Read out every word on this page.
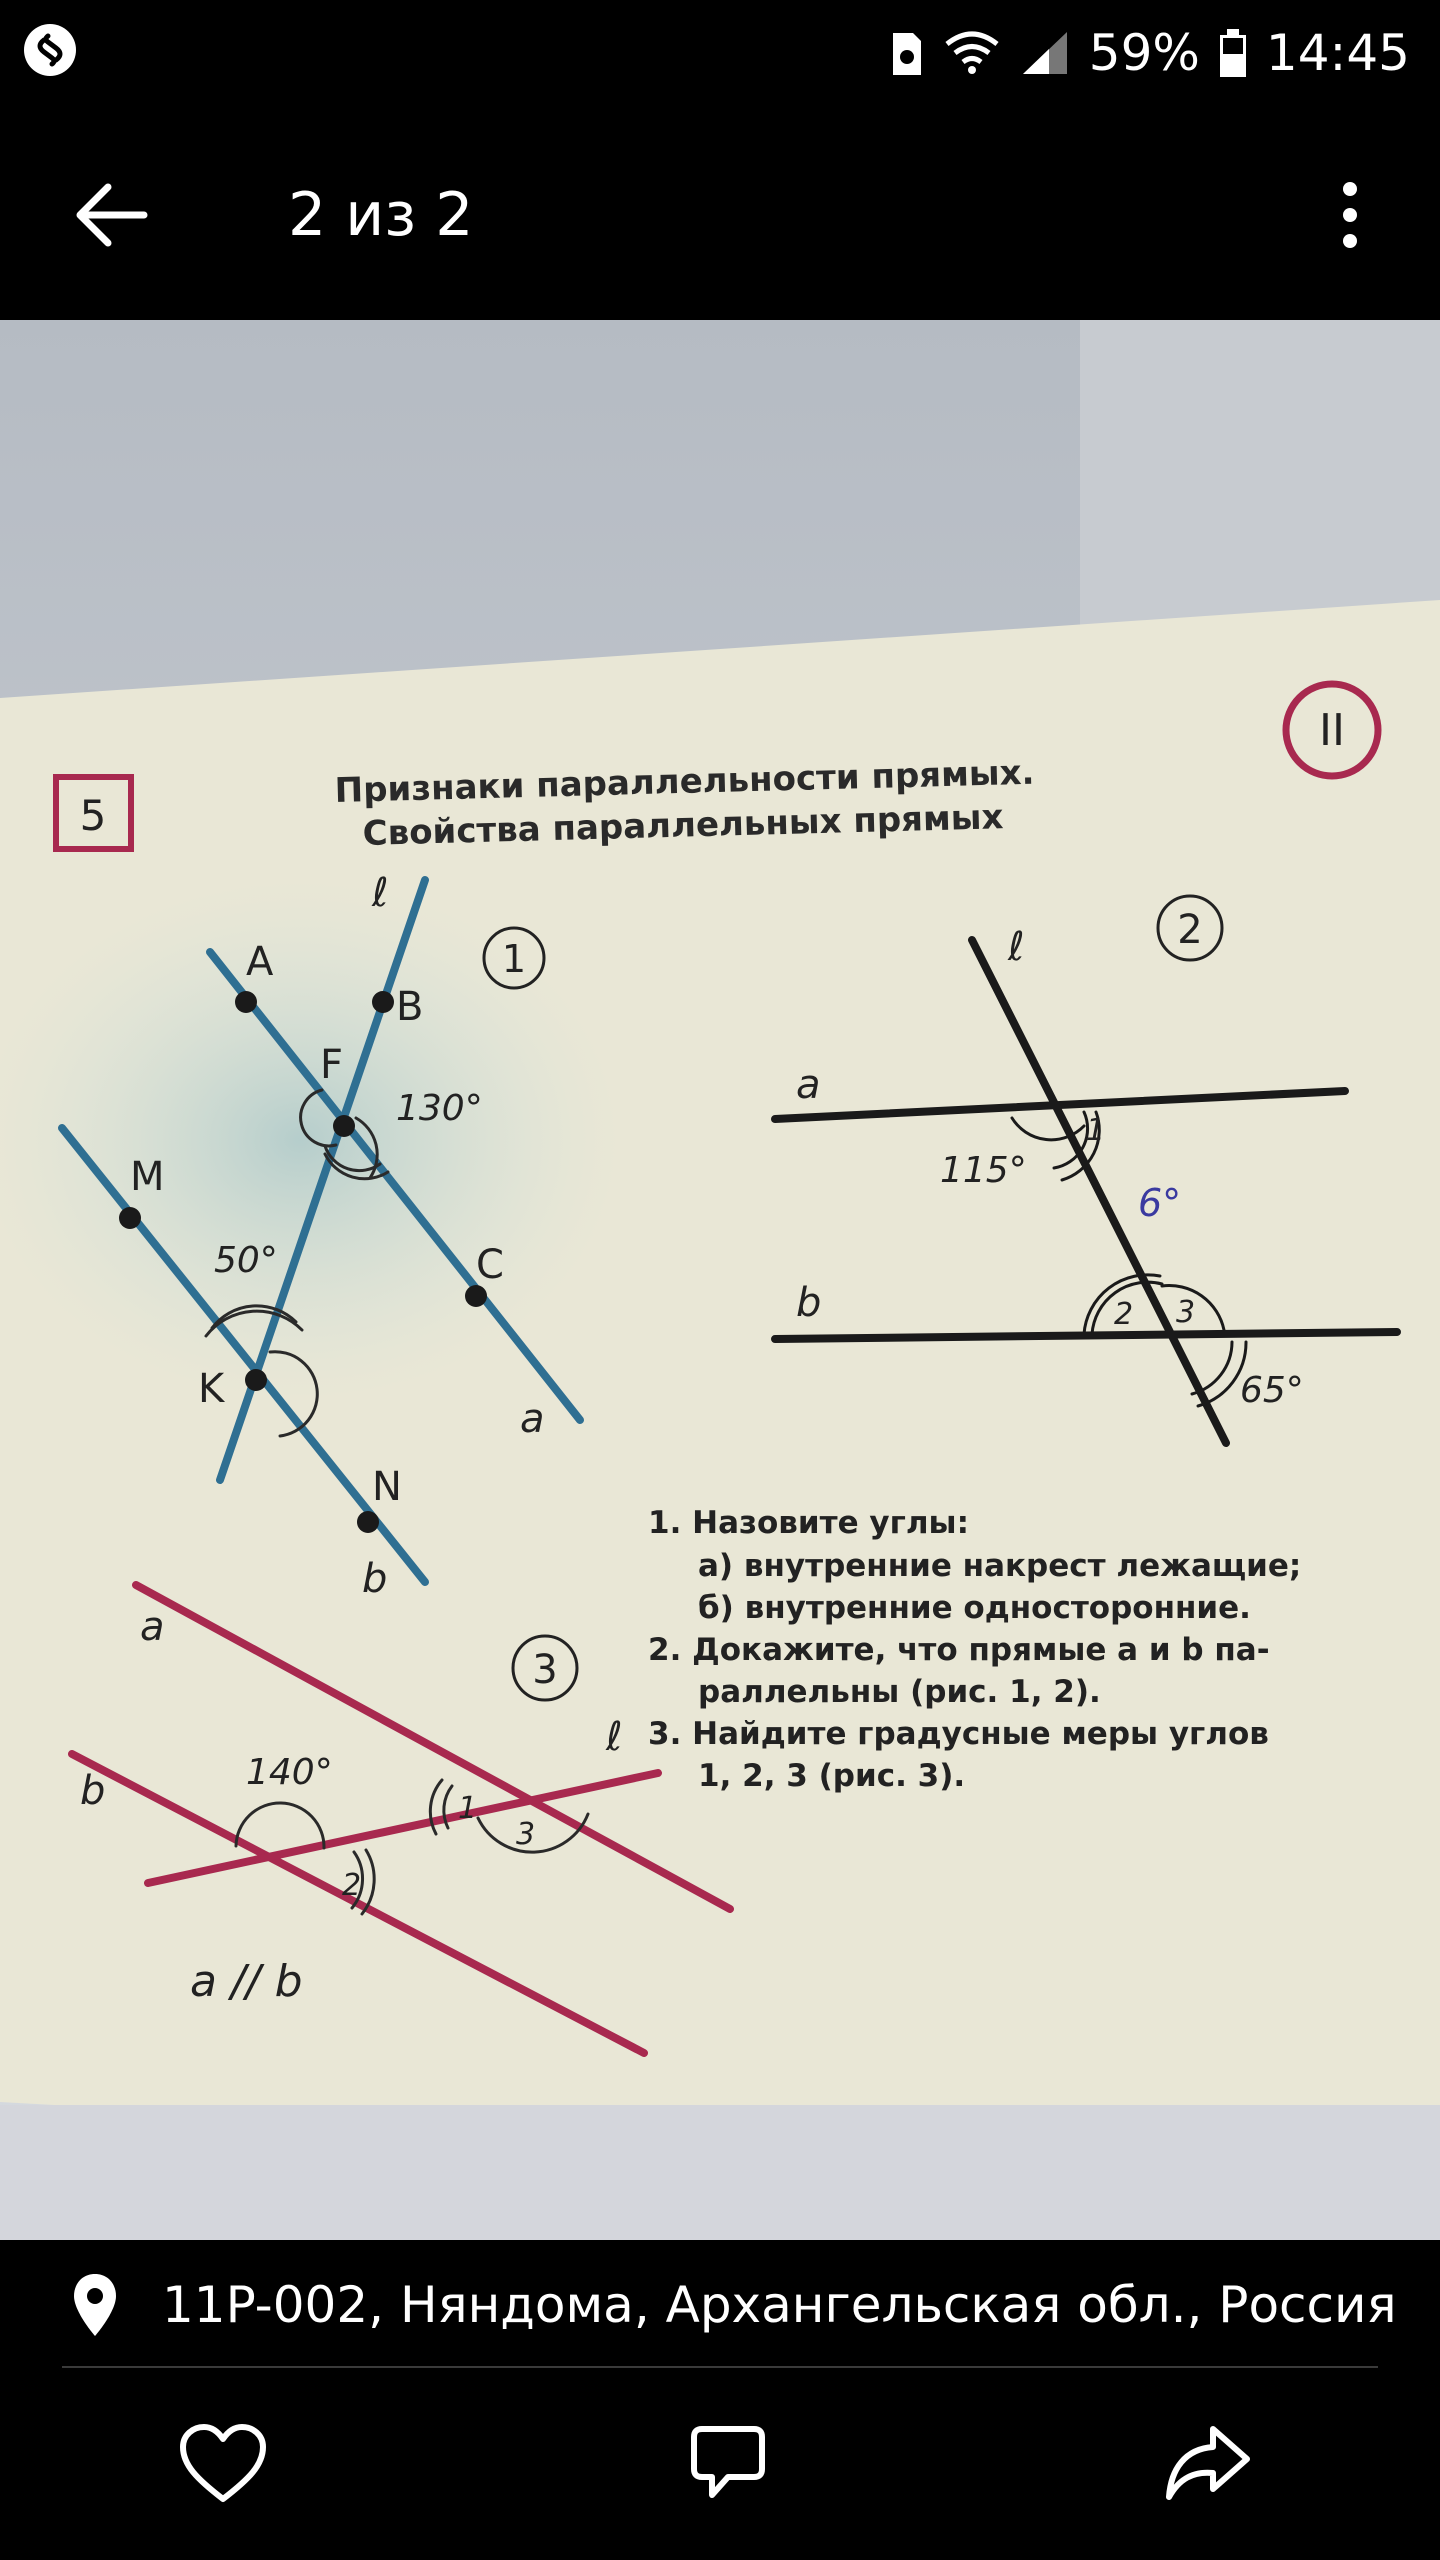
59% 14:45
2 из 2
5
II
Признаки параллельности прямых.
Свойства параллельных прямых
ℓ
A
B
F
M
C
K
N
a
b
130°
50°
1	ℓ
a
b
1
2 3
115°
65°
6°
2
a
b
ℓ
1
2
3
140°
a // b
3
1. Назовите углы:
а) внутренние накрест лежащие;
б) внутренние односторонние.
2. Докажите, что прямые a и b па-
раллельны (рис. 1, 2).
3. Найдите градусные меры углов
1, 2, 3 (рис. 3).
11P-002, Няндома, Архангельская обл., Россия
